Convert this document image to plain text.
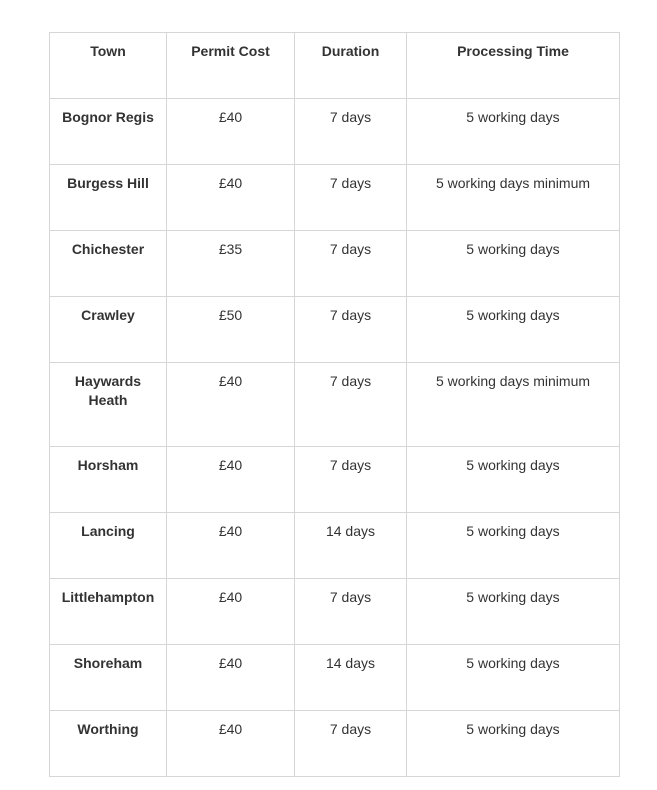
Town	Permit Cost	Duration	Processing Time
Bognor Regis	£40	7 days	5 working days
Burgess Hill	£40	7 days	5 working days minimum
Chichester	£35	7 days	5 working days
Crawley	£50	7 days	5 working days
Haywards Heath	£40	7 days	5 working days minimum
Horsham	£40	7 days	5 working days
Lancing	£40	14 days	5 working days
Littlehampton	£40	7 days	5 working days
Shoreham	£40	14 days	5 working days
Worthing	£40	7 days	5 working days
